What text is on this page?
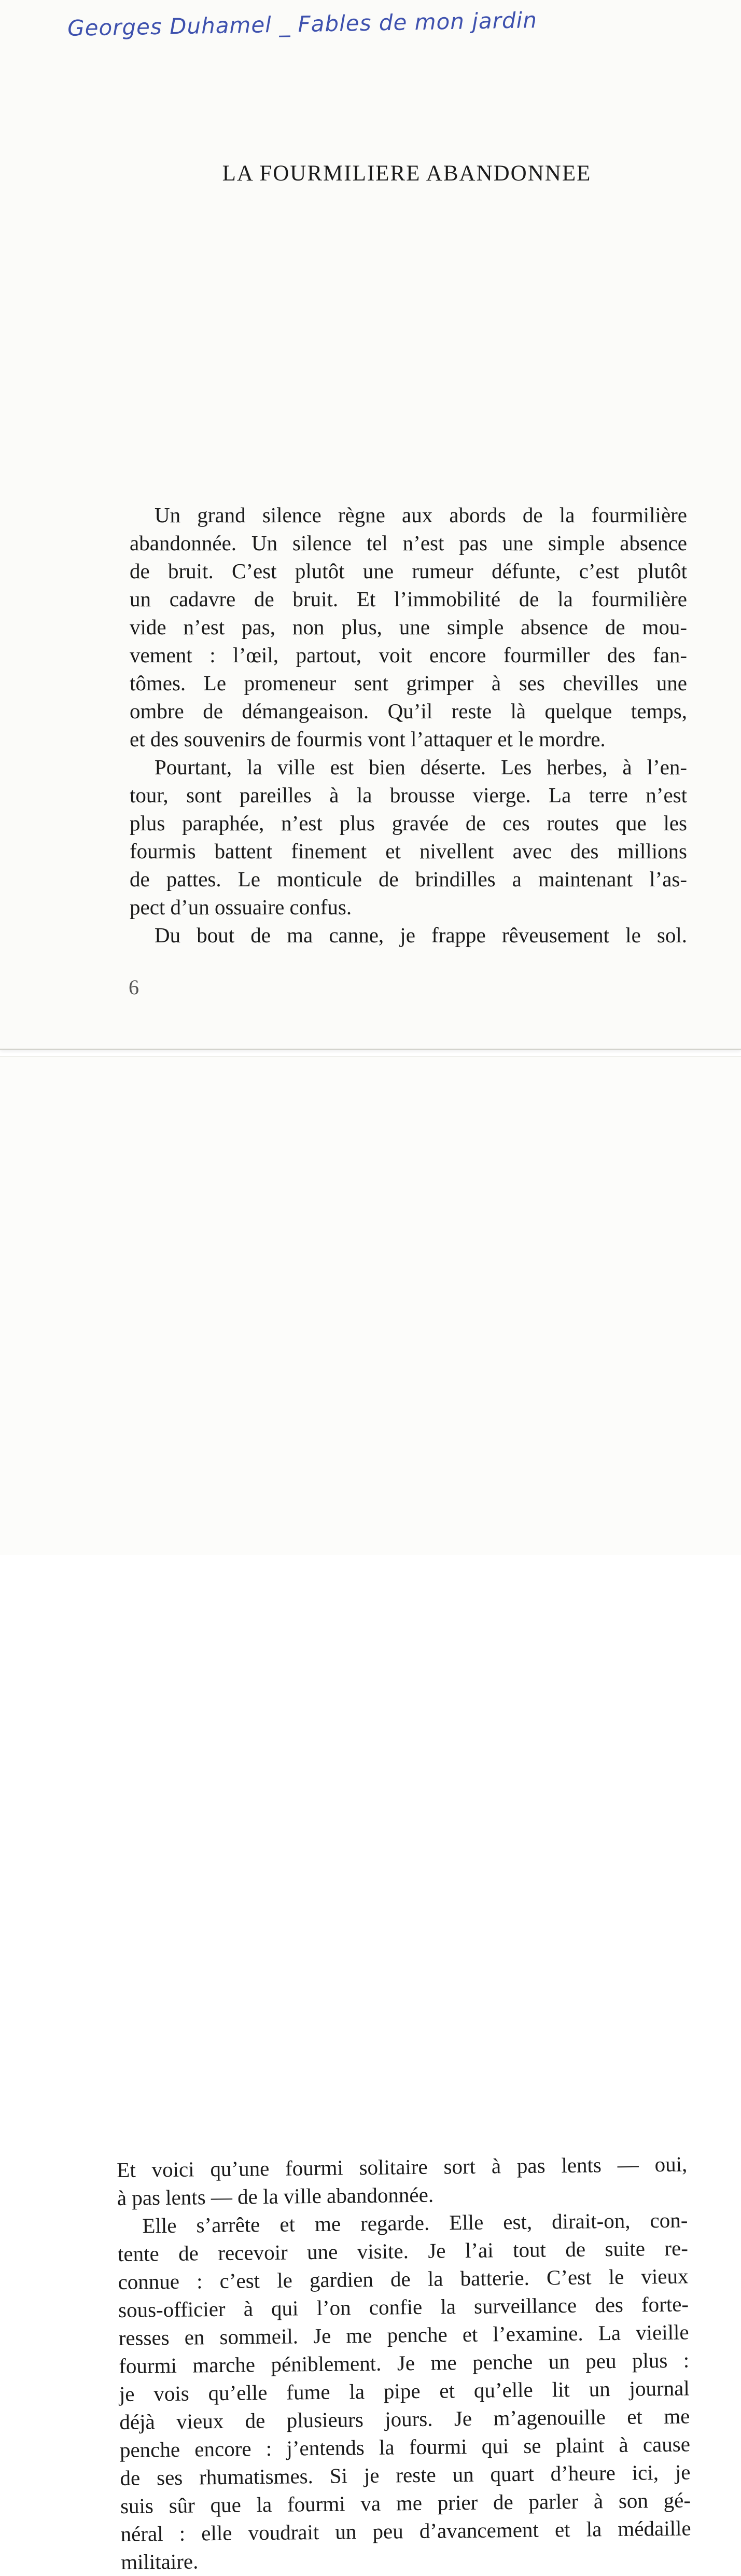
Georges Duhamel _ Fables de mon jardin
LA FOURMILIERE ABANDONNEE
Un grand silence règne aux abords de la fourmilière
abandonnée. Un silence tel n’est pas une simple absence
de bruit. C’est plutôt une rumeur défunte, c’est plutôt
un cadavre de bruit. Et l’immobilité de la fourmilière
vide n’est pas, non plus, une simple absence de mou-
vement : l’œil, partout, voit encore fourmiller des fan-
tômes. Le promeneur sent grimper à ses chevilles une
ombre de démangeaison. Qu’il reste là quelque temps,
et des souvenirs de fourmis vont l’attaquer et le mordre.
Pourtant, la ville est bien déserte. Les herbes, à l’en-
tour, sont pareilles à la brousse vierge. La terre n’est
plus paraphée, n’est plus gravée de ces routes que les
fourmis battent finement et nivellent avec des millions
de pattes. Le monticule de brindilles a maintenant l’as-
pect d’un ossuaire confus.
Du bout de ma canne, je frappe rêveusement le sol.
6
Et voici qu’une fourmi solitaire sort à pas lents — oui,
à pas lents — de la ville abandonnée.
Elle s’arrête et me regarde. Elle est, dirait-on, con-
tente de recevoir une visite. Je l’ai tout de suite re-
connue : c’est le gardien de la batterie. C’est le vieux
sous-officier à qui l’on confie la surveillance des forte-
resses en sommeil. Je me penche et l’examine. La vieille
fourmi marche péniblement. Je me penche un peu plus :
je vois qu’elle fume la pipe et qu’elle lit un journal
déjà vieux de plusieurs jours. Je m’agenouille et me
penche encore : j’entends la fourmi qui se plaint à cause
de ses rhumatismes. Si je reste un quart d’heure ici, je
suis sûr que la fourmi va me prier de parler à son gé-
néral : elle voudrait un peu d’avancement et la médaille
militaire.
